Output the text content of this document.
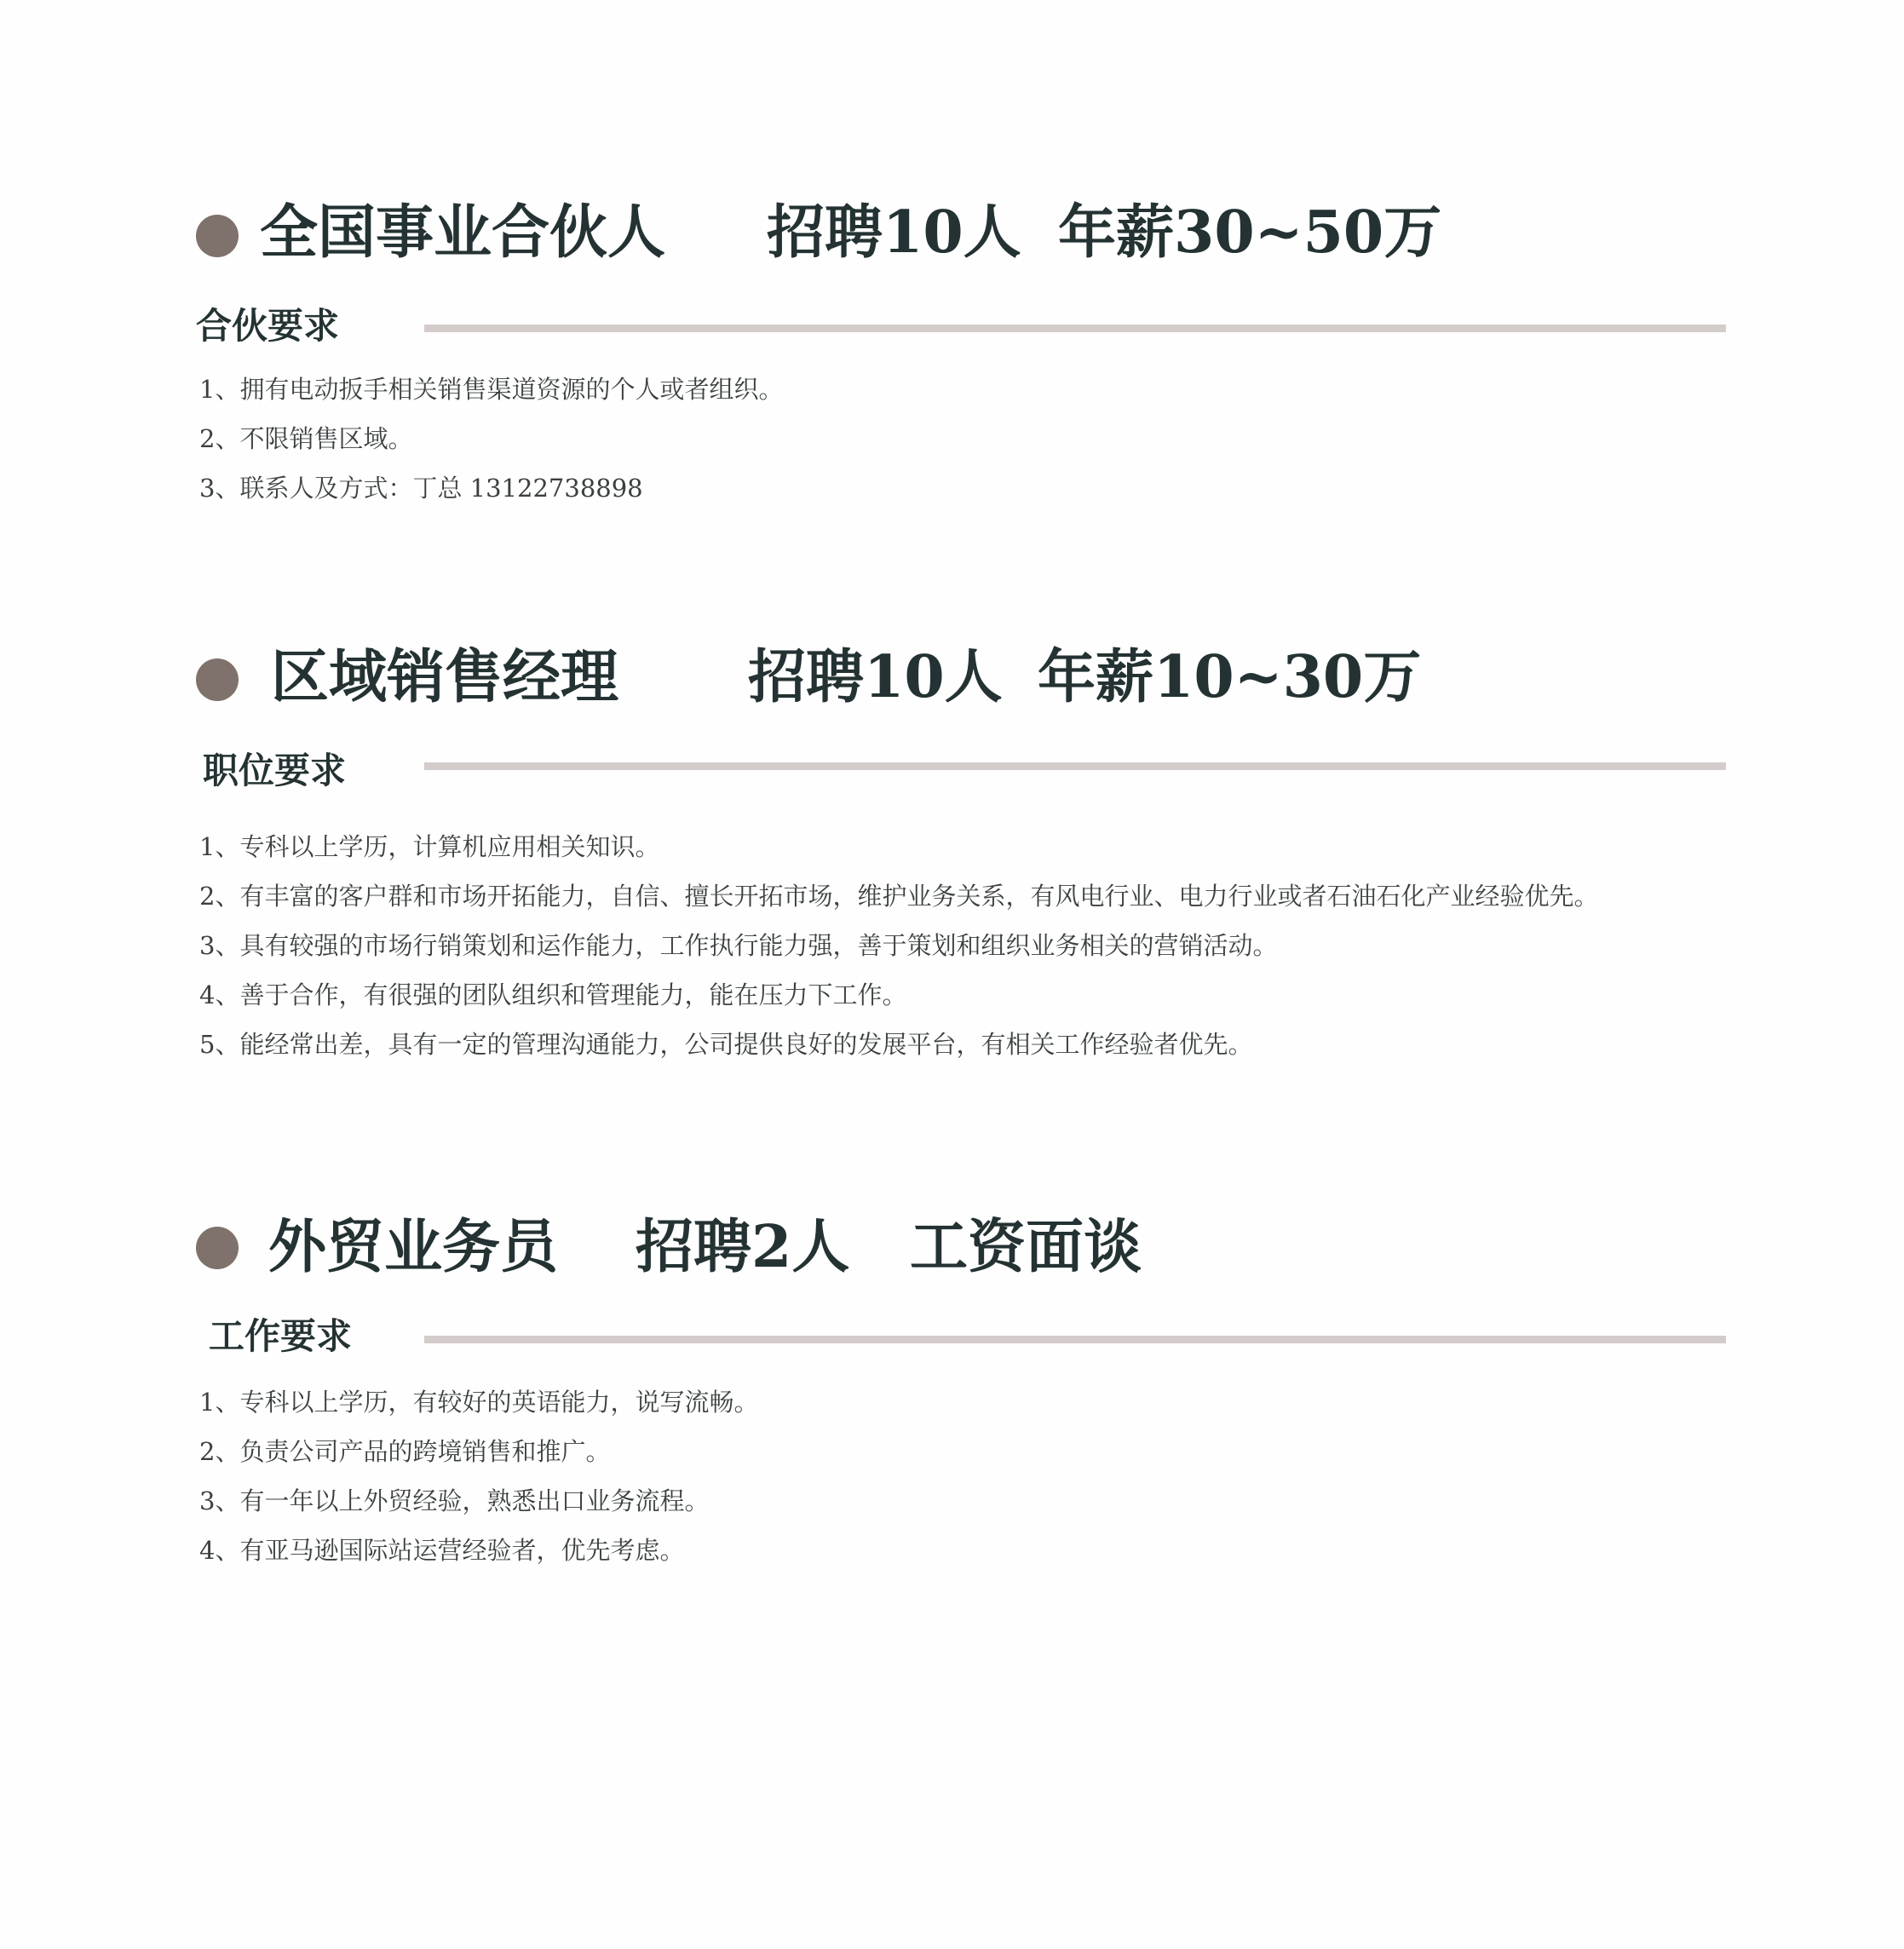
全国事业合伙人 招聘10人 年薪30~50万
合伙要求
1、拥有电动扳手相关销售渠道资源的个人或者组织。
2、不限销售区域。
3、联系人及方式：丁总 13122738898
区域销售经理 招聘10人 年薪10~30万
职位要求
1、专科以上学历，计算机应用相关知识。
2、有丰富的客户群和市场开拓能力，自信、擅长开拓市场，维护业务关系，有风电行业、电力行业或者石油石化产业经验优先。
3、具有较强的市场行销策划和运作能力，工作执行能力强，善于策划和组织业务相关的营销活动。
4、善于合作，有很强的团队组织和管理能力，能在压力下工作。
5、能经常出差，具有一定的管理沟通能力，公司提供良好的发展平台，有相关工作经验者优先。
外贸业务员 招聘2人 工资面谈
工作要求
1、专科以上学历，有较好的英语能力，说写流畅。
2、负责公司产品的跨境销售和推广。
3、有一年以上外贸经验，熟悉出口业务流程。
4、有亚马逊国际站运营经验者，优先考虑。
